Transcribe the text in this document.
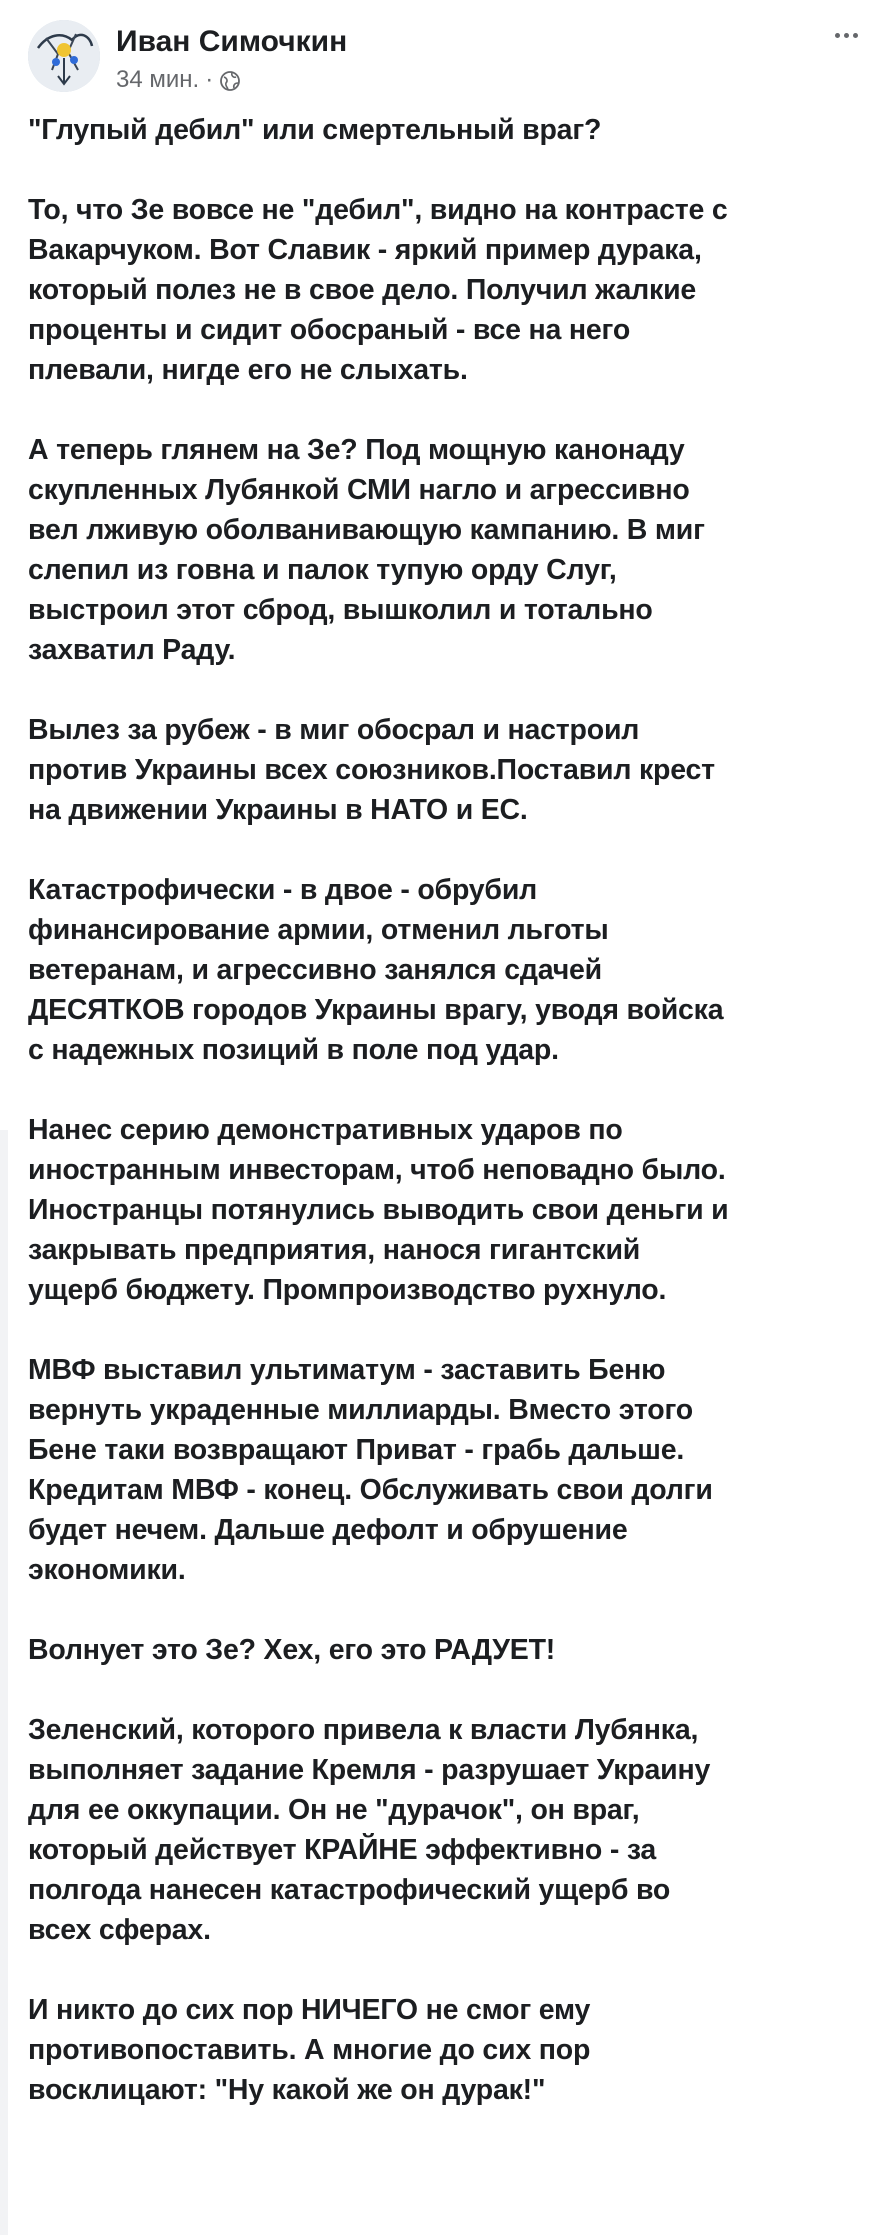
Иван Симочкин
34 мин. ·

"Глупый дебил" или смертельный враг?

То, что Зе вовсе не "дебил", видно на контрасте с
Вакарчуком. Вот Славик - яркий пример дурака,
который полез не в свое дело. Получил жалкие
проценты и сидит обосраный - все на него
плевали, нигде его не слыхать.

А теперь глянем на Зе? Под мощную канонаду
скупленных Лубянкой СМИ нагло и агрессивно
вел лживую оболванивающую кампанию. В миг
слепил из говна и палок тупую орду Слуг,
выстроил этот сброд, вышколил и тотально
захватил Раду.

Вылез за рубеж - в миг обосрал и настроил
против Украины всех союзников.Поставил крест
на движении Украины в НАТО и ЕС.

Катастрофически - в двое - обрубил
финансирование армии, отменил льготы
ветеранам, и агрессивно занялся сдачей
ДЕСЯТКОВ городов Украины врагу, уводя войска
с надежных позиций в поле под удар.

Нанес серию демонстративных ударов по
иностранным инвесторам, чтоб неповадно было.
Иностранцы потянулись выводить свои деньги и
закрывать предприятия, нанося гигантский
ущерб бюджету. Промпроизводство рухнуло.

МВФ выставил ультиматум - заставить Беню
вернуть украденные миллиарды. Вместо этого
Бене таки возвращают Приват - грабь дальше.
Кредитам МВФ - конец. Обслуживать свои долги
будет нечем. Дальше дефолт и обрушение
экономики.

Волнует это Зе? Хех, его это РАДУЕТ!

Зеленский, которого привела к власти Лубянка,
выполняет задание Кремля - разрушает Украину
для ее оккупации. Он не "дурачок", он враг,
который действует КРАЙНЕ эффективно - за
полгода нанесен катастрофический ущерб во
всех сферах.

И никто до сих пор НИЧЕГО не смог ему
противопоставить. А многие до сих пор
восклицают: "Ну какой же он дурак!"
